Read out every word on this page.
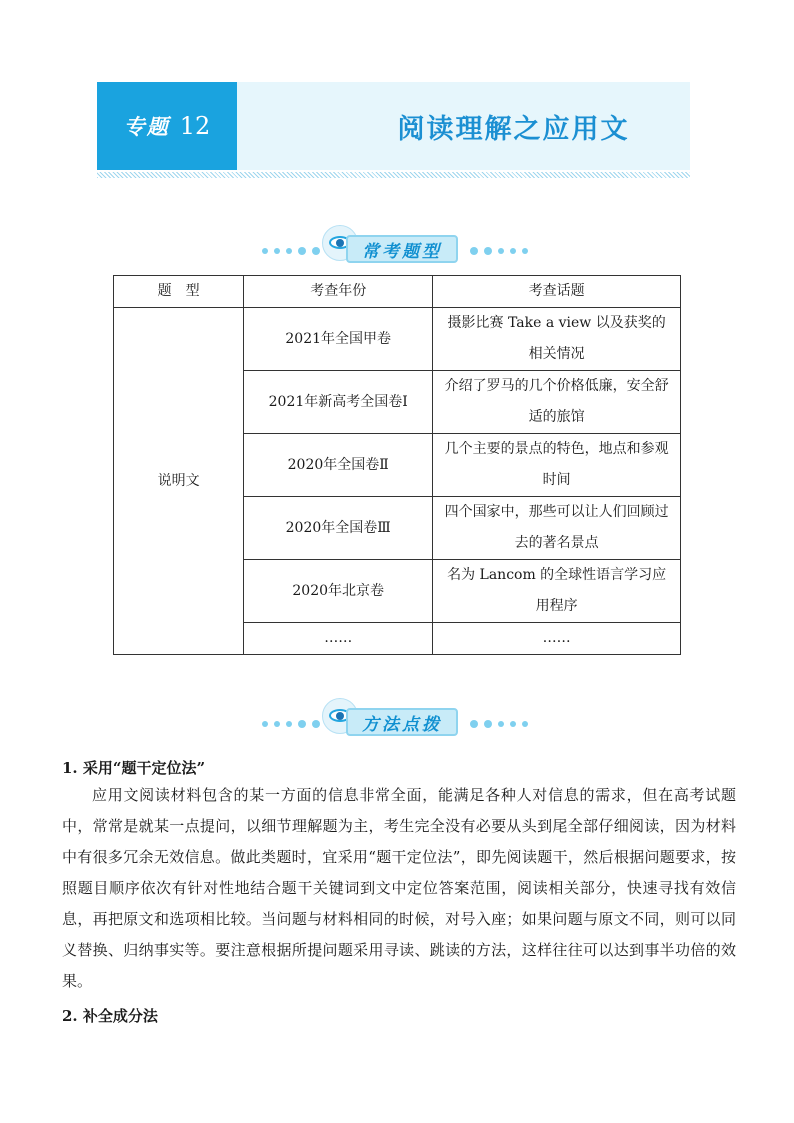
专题 12	阅读理解之应用文
常考题型
题　型	考查年份	考查话题
说明文	2021年全国甲卷	摄影比赛 Take a view 以及获奖的相关情况
	2021年新高考全国卷Ⅰ	介绍了罗马的几个价格低廉，安全舒适的旅馆
	2020年全国卷Ⅱ	几个主要的景点的特色，地点和参观时间
	2020年全国卷Ⅲ	四个国家中，那些可以让人们回顾过去的著名景点
	2020年北京卷	名为 Lancom 的全球性语言学习应用程序
	……	……
方法点拨
1. 采用“题干定位法”
应用文阅读材料包含的某一方面的信息非常全面，能满足各种人对信息的需求，但在高考试题中，常常是就某一点提问，以细节理解题为主，考生完全没有必要从头到尾全部仔细阅读，因为材料中有很多冗余无效信息。做此类题时，宜采用“题干定位法”，即先阅读题干，然后根据问题要求，按照题目顺序依次有针对性地结合题干关键词到文中定位答案范围，阅读相关部分，快速寻找有效信息，再把原文和选项相比较。当问题与材料相同的时候，对号入座；如果问题与原文不同，则可以同义替换、归纳事实等。要注意根据所提问题采用寻读、跳读的方法，这样往往可以达到事半功倍的效果。
2. 补全成分法
